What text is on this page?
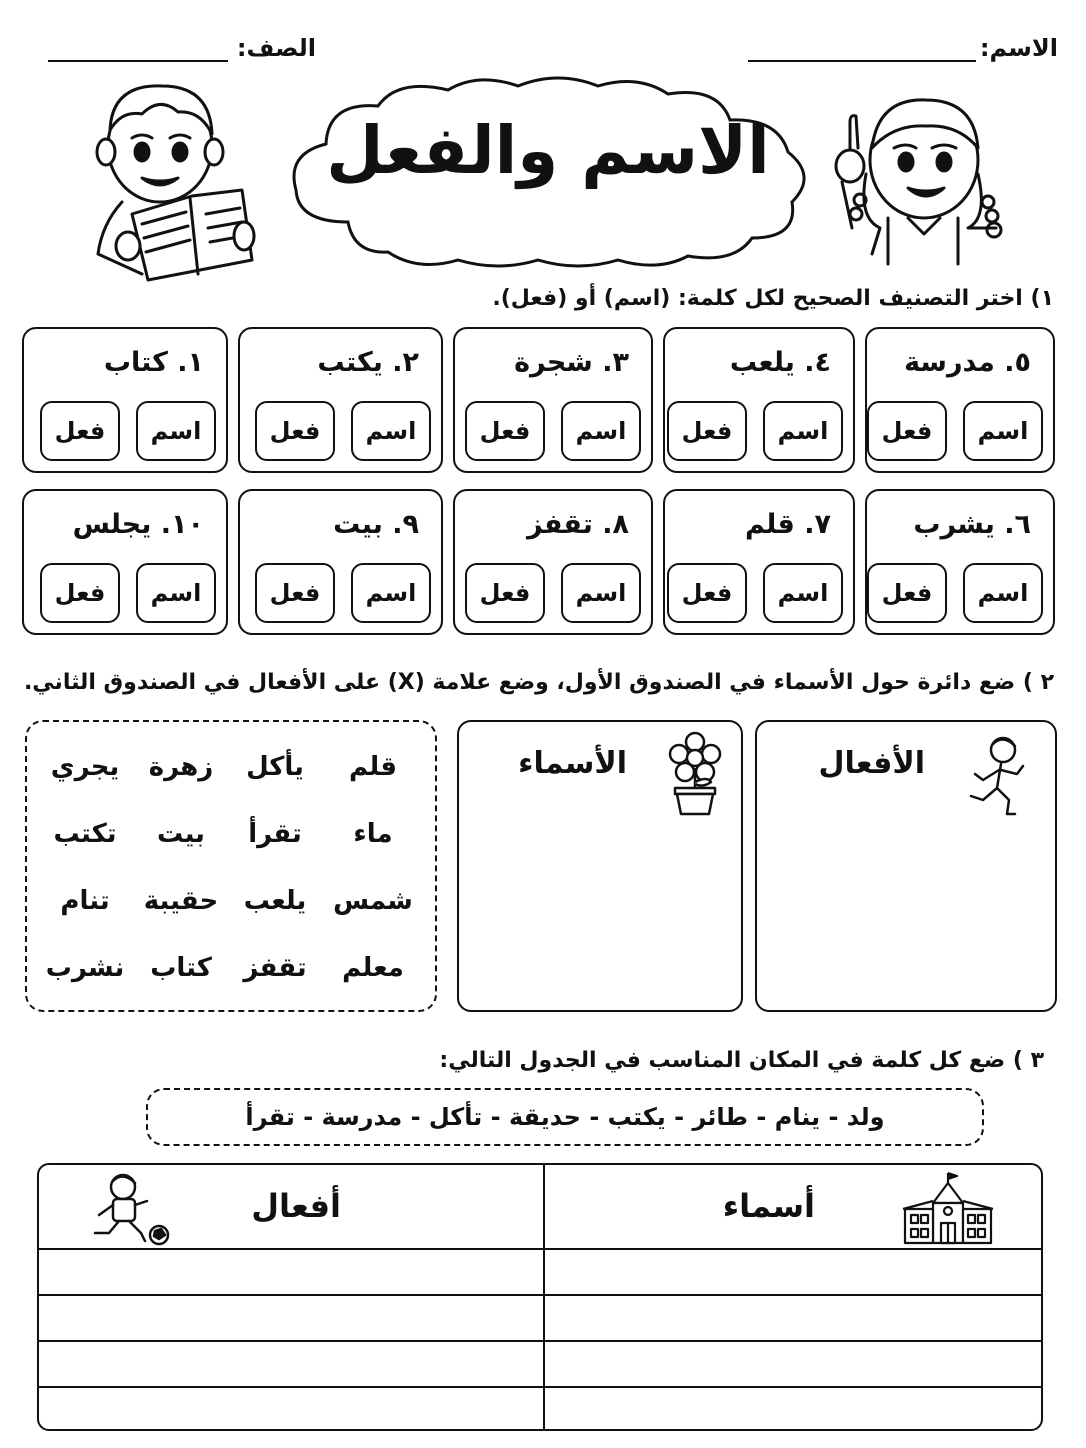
الاسم:
الصف:
الاسم والفعل
١) اختر التصنيف الصحيح لكل كلمة: (اسم) أو (فعل).
٥. مدرسة
اسم
فعل
٤. يلعب
اسم
فعل
٣. شجرة
اسم
فعل
٢. يكتب
اسم
فعل
١. كتاب
اسم
فعل
٦. يشرب
اسم
فعل
٧. قلم
اسم
فعل
٨. تقفز
اسم
فعل
٩. بيت
اسم
فعل
١٠. يجلس
اسم
فعل
٢ ) ضع دائرة حول الأسماء في الصندوق الأول، وضع علامة (X) على الأفعال في الصندوق الثاني.
الأفعال
الأسماء
قلم
يأكل
زهرة
يجري
ماء
تقرأ
بيت
تكتب
شمس
يلعب
حقيبة
تنام
معلم
تقفز
كتاب
نشرب
٣ ) ضع كل كلمة في المكان المناسب في الجدول التالي:
ولد - ينام - طائر - يكتب - حديقة - تأكل - مدرسة - تقرأ
أسماء
أفعال
